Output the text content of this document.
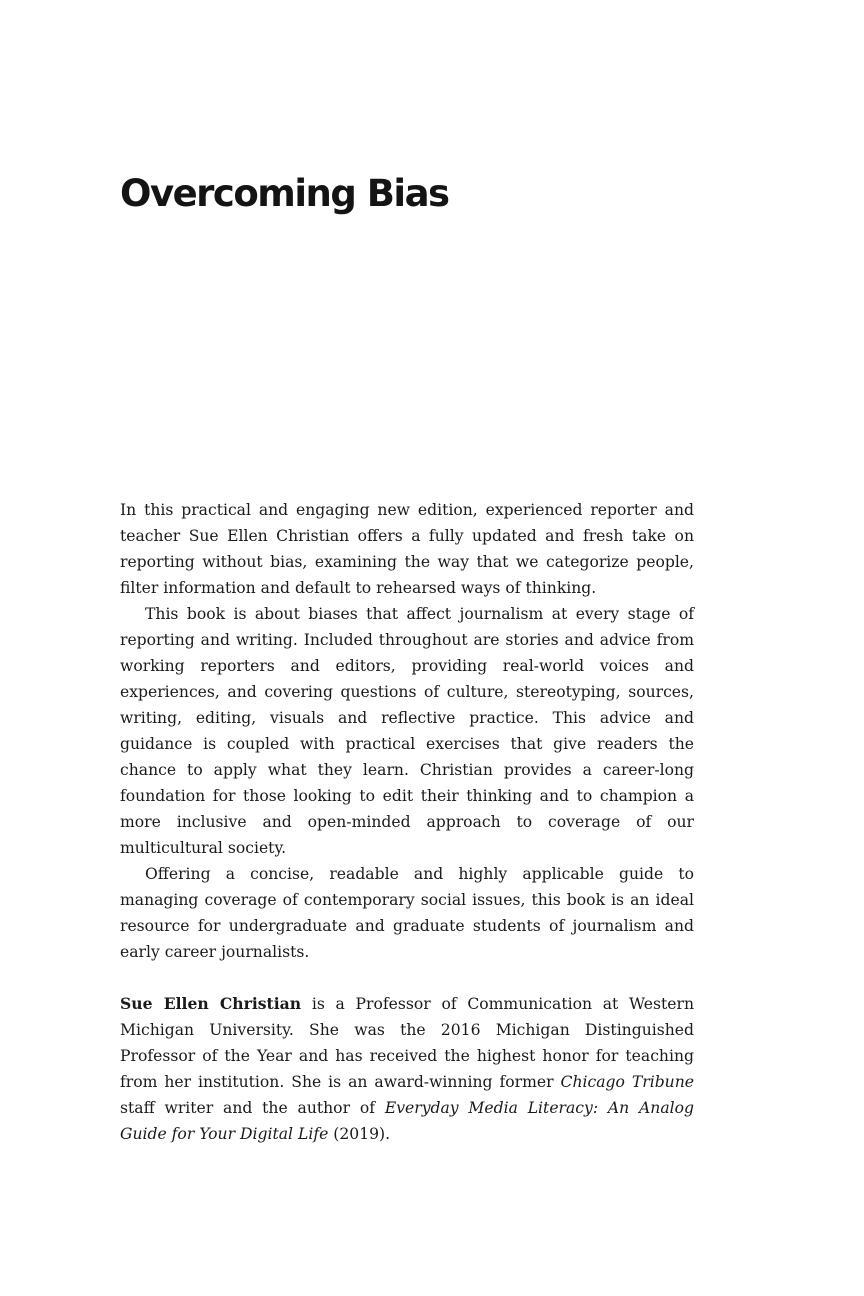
Overcoming Bias

In this practical and engaging new edition, experienced reporter and teacher Sue Ellen Christian offers a fully updated and fresh take on reporting without bias, examining the way that we categorize people, filter information and default to rehearsed ways of thinking.

This book is about biases that affect journalism at every stage of reporting and writing. Included throughout are stories and advice from working reporters and editors, providing real-world voices and experiences, and covering questions of culture, stereotyping, sources, writing, editing, visuals and reflective practice. This advice and guidance is coupled with practical exercises that give readers the chance to apply what they learn. Christian provides a career-long foundation for those looking to edit their thinking and to champion a more inclusive and open-minded approach to coverage of our multicultural society.

Offering a concise, readable and highly applicable guide to managing coverage of contemporary social issues, this book is an ideal resource for undergraduate and graduate students of journalism and early career journalists.

Sue Ellen Christian is a Professor of Communication at Western Michigan University. She was the 2016 Michigan Distinguished Professor of the Year and has received the highest honor for teaching from her institution. She is an award-winning former Chicago Tribune staff writer and the author of Everyday Media Literacy: An Analog Guide for Your Digital Life (2019).
